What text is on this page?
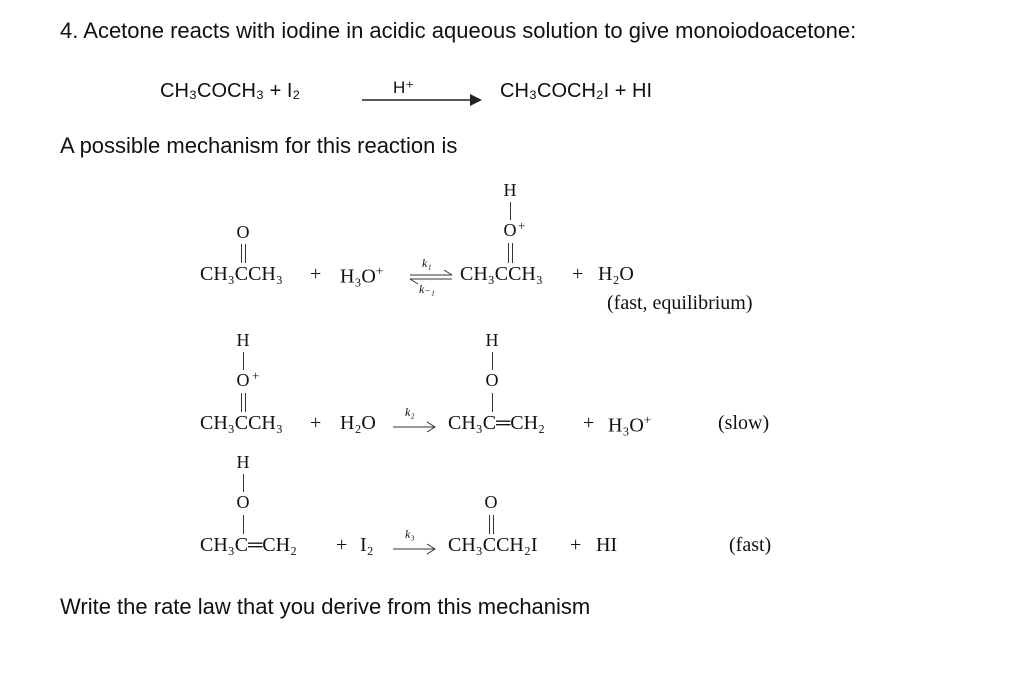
4. Acetone reacts with iodine in acidic aqueous solution to give monoiodoacetone:
CH₃COCH₃ + I₂	H⁺	CH₃COCH₂I + HI
A possible mechanism for this reaction is
O
CH₃CCH₃ + H₃O+	k₁
k₋₁
H
O +
CH₃CCH₃ + H₂O
(fast, equilibrium)
H
O +
CH₃CCH₃ + H₂O k₂
H
O
CH₃C═CH₂ + H₃O+	(slow)
H
O
CH₃C═CH₂ + I₂	k₃
O
CH₃CCH₂I + HI	(fast)
Write the rate law that you derive from this mechanism
